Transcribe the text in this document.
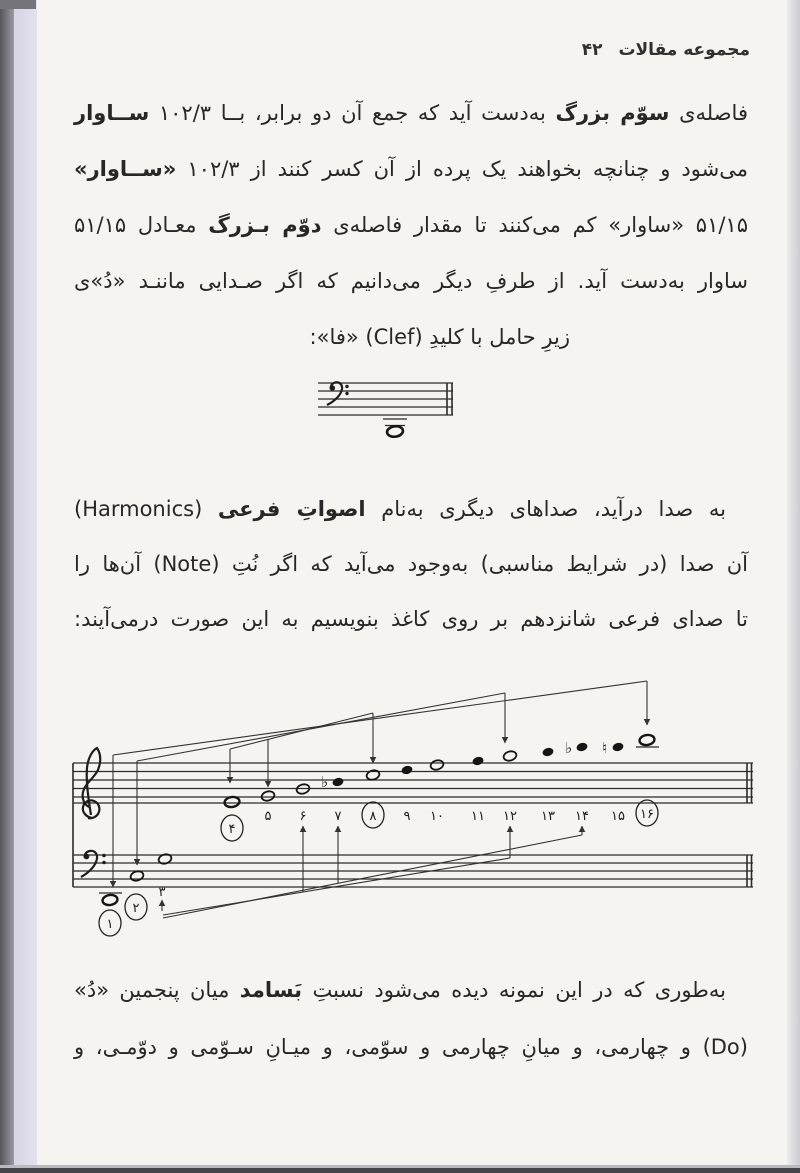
مجموعه مقالات ۴۲
فاصله‌ی سوّم بزرگ به‌دست آید که جمع آن دو برابر، بــا ۱۰۲/۳ ســاوار
می‌شود و چنانچه بخواهند یک پرده از آن کسر کنند از ۱۰۲/۳ «ســاوار»
۵۱/۱۵ «ساوار» کم می‌کنند تا مقدار فاصله‌ی دوّم بـزرگ معـادل ۵۱/۱۵
ساوار به‌دست آید. از طرفِ دیگر می‌دانیم که اگر صـدایی ماننـد «دُ»ی
زیرِ حامل با کلیدِ (Clef) «فا»:
به صدا درآید، صداهای دیگری به‌نام اصواتِ فرعی (Harmonics)
آن صدا (در شرایط مناسبی) به‌وجود می‌آید که اگر نُتِ (Note) آن‌ها را
تا صدای فرعی شانزدهم بر روی کاغذ بنویسیم به این صورت درمی‌آیند:
به‌طوری که در این نمونه دیده می‌شود نسبتِ بَسامد میان پنجمین «دُ»
(Do) و چهارمی، و میانِ چهارمی و سوّمی، و میـانِ سـوّمی و دوّمـی، و
♭
♭ ♮
۱
۲
۳
۴
۵ ۶ ۷ ۸ ۹ ۱۰ ۱۱ ۱۲ ۱۳ ۱۴ ۱۵ ۱۶
